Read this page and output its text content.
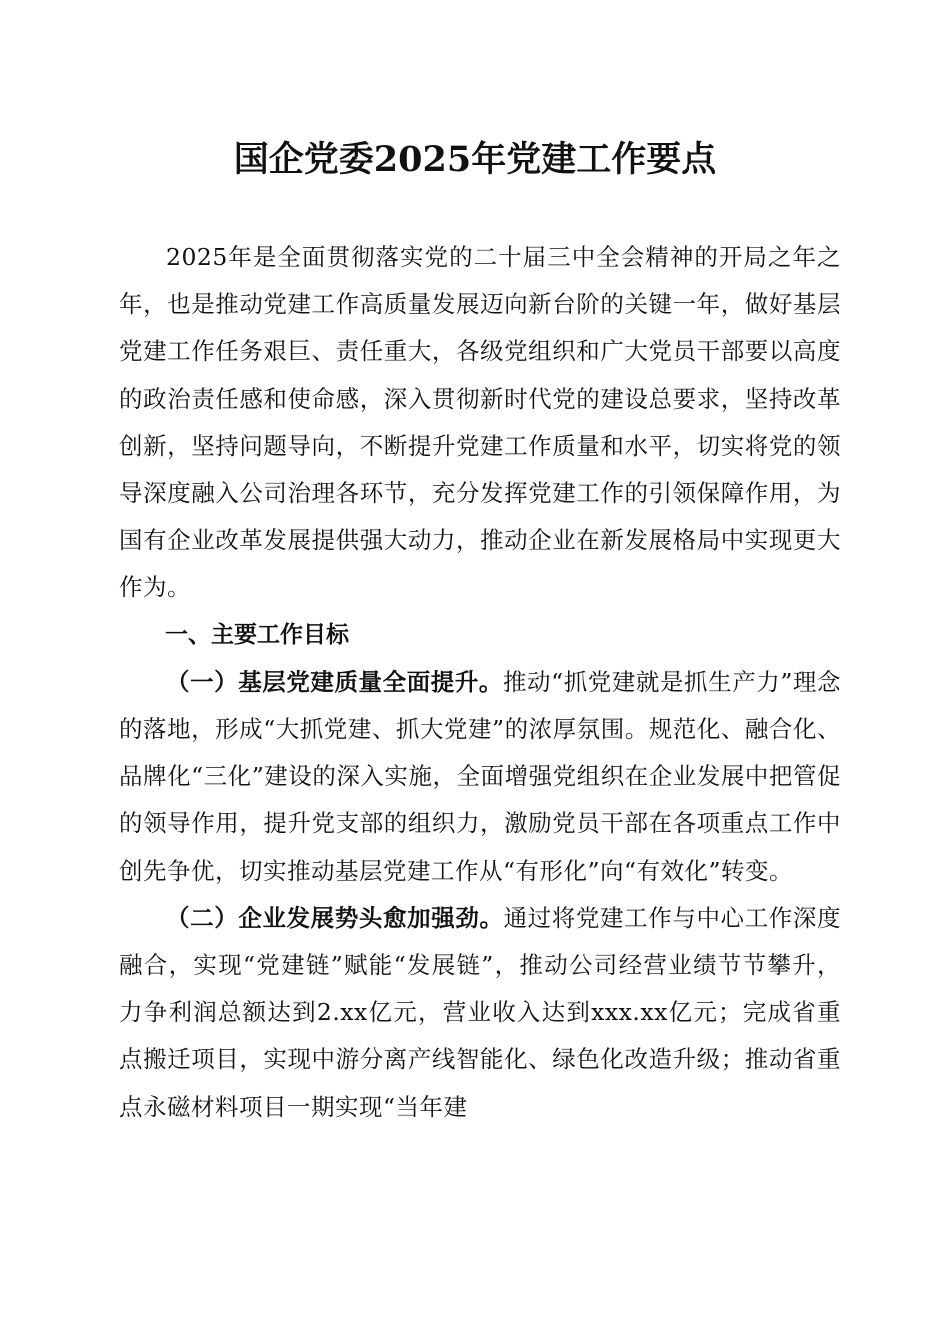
国企党委2025年党建工作要点

2025年是全面贯彻落实党的二十届三中全会精神的开局之年之年，也是推动党建工作高质量发展迈向新台阶的关键一年，做好基层党建工作任务艰巨、责任重大，各级党组织和广大党员干部要以高度的政治责任感和使命感，深入贯彻新时代党的建设总要求，坚持改革创新，坚持问题导向，不断提升党建工作质量和水平，切实将党的领导深度融入公司治理各环节，充分发挥党建工作的引领保障作用，为国有企业改革发展提供强大动力，推动企业在新发展格局中实现更大作为。

一、主要工作目标

（一）基层党建质量全面提升。推动“抓党建就是抓生产力”理念的落地，形成“大抓党建、抓大党建”的浓厚氛围。规范化、融合化、品牌化“三化”建设的深入实施，全面增强党组织在企业发展中把管促的领导作用，提升党支部的组织力，激励党员干部在各项重点工作中创先争优，切实推动基层党建工作从“有形化”向“有效化”转变。

（二）企业发展势头愈加强劲。通过将党建工作与中心工作深度融合，实现“党建链”赋能“发展链”，推动公司经营业绩节节攀升，力争利润总额达到2.xx亿元，营业收入达到xxx.xx亿元；完成省重点搬迁项目，实现中游分离产线智能化、绿色化改造升级；推动省重点永磁材料项目一期实现“当年建
